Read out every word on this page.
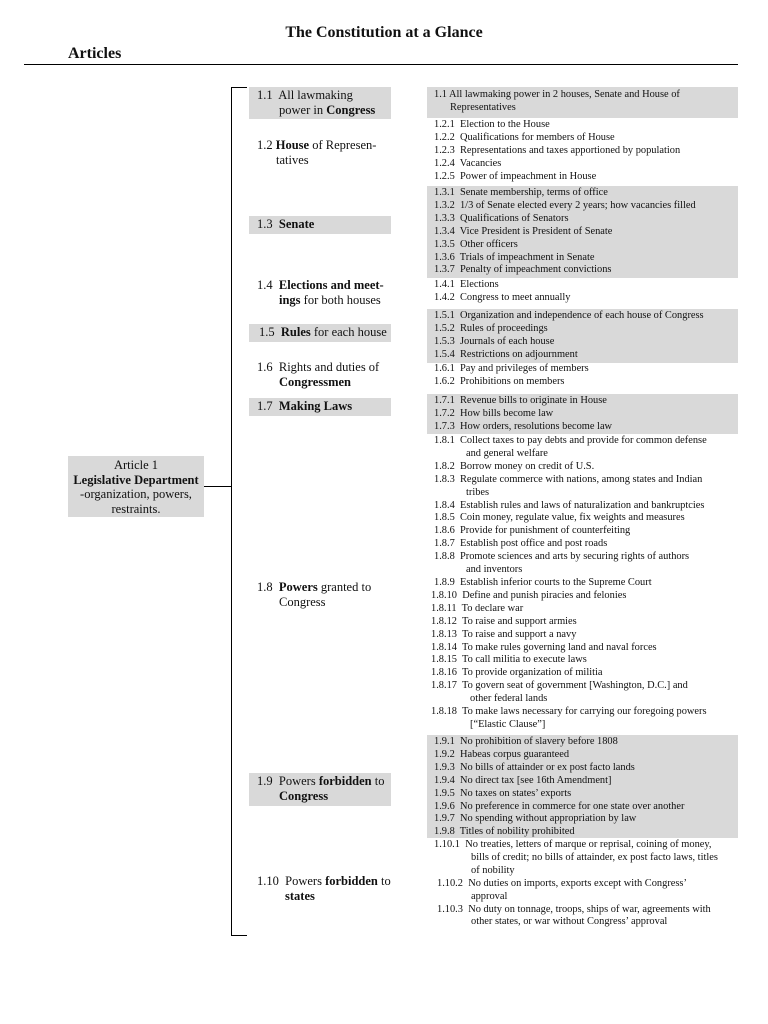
The Constitution at a Glance
Articles
Article 1
Legislative Department
-organization, powers,
restraints.
1.1 All lawmaking
power in Congress
1.2 House of Represen-
tatives
1.3 Senate
1.4 Elections and meet-
ings for both houses
1.5 Rules for each house
1.6 Rights and duties of
Congressmen
1.7 Making Laws
1.8 Powers granted to
Congress
1.9 Powers forbidden to
Congress
1.10 Powers forbidden to
states
1.1 All lawmaking power in 2 houses, Senate and House of
Representatives
1.2.1 Election to the House
1.2.2 Qualifications for members of House
1.2.3 Representations and taxes apportioned by population
1.2.4 Vacancies
1.2.5 Power of impeachment in House
1.3.1 Senate membership, terms of office
1.3.2 1/3 of Senate elected every 2 years; how vacancies filled
1.3.3 Qualifications of Senators
1.3.4 Vice President is President of Senate
1.3.5 Other officers
1.3.6 Trials of impeachment in Senate
1.3.7 Penalty of impeachment convictions
1.4.1 Elections
1.4.2 Congress to meet annually
1.5.1 Organization and independence of each house of Congress
1.5.2 Rules of proceedings
1.5.3 Journals of each house
1.5.4 Restrictions on adjournment
1.6.1 Pay and privileges of members
1.6.2 Prohibitions on members
1.7.1 Revenue bills to originate in House
1.7.2 How bills become law
1.7.3 How orders, resolutions become law
1.8.1 Collect taxes to pay debts and provide for common defense
and general welfare
1.8.2 Borrow money on credit of U.S.
1.8.3 Regulate commerce with nations, among states and Indian
tribes
1.8.4 Establish rules and laws of naturalization and bankruptcies
1.8.5 Coin money, regulate value, fix weights and measures
1.8.6 Provide for punishment of counterfeiting
1.8.7 Establish post office and post roads
1.8.8 Promote sciences and arts by securing rights of authors
and inventors
1.8.9 Establish inferior courts to the Supreme Court
1.8.10 Define and punish piracies and felonies
1.8.11 To declare war
1.8.12 To raise and support armies
1.8.13 To raise and support a navy
1.8.14 To make rules governing land and naval forces
1.8.15 To call militia to execute laws
1.8.16 To provide organization of militia
1.8.17 To govern seat of government [Washington, D.C.] and
other federal lands
1.8.18 To make laws necessary for carrying our foregoing powers
[“Elastic Clause”]
1.9.1 No prohibition of slavery before 1808
1.9.2 Habeas corpus guaranteed
1.9.3 No bills of attainder or ex post facto lands
1.9.4 No direct tax [see 16th Amendment]
1.9.5 No taxes on states’ exports
1.9.6 No preference in commerce for one state over another
1.9.7 No spending without appropriation by law
1.9.8 Titles of nobility prohibited
1.10.1 No treaties, letters of marque or reprisal, coining of money,
bills of credit; no bills of attainder, ex post facto laws, titles
of nobility
1.10.2 No duties on imports, exports except with Congress’
approval
1.10.3 No duty on tonnage, troops, ships of war, agreements with
other states, or war without Congress’ approval
